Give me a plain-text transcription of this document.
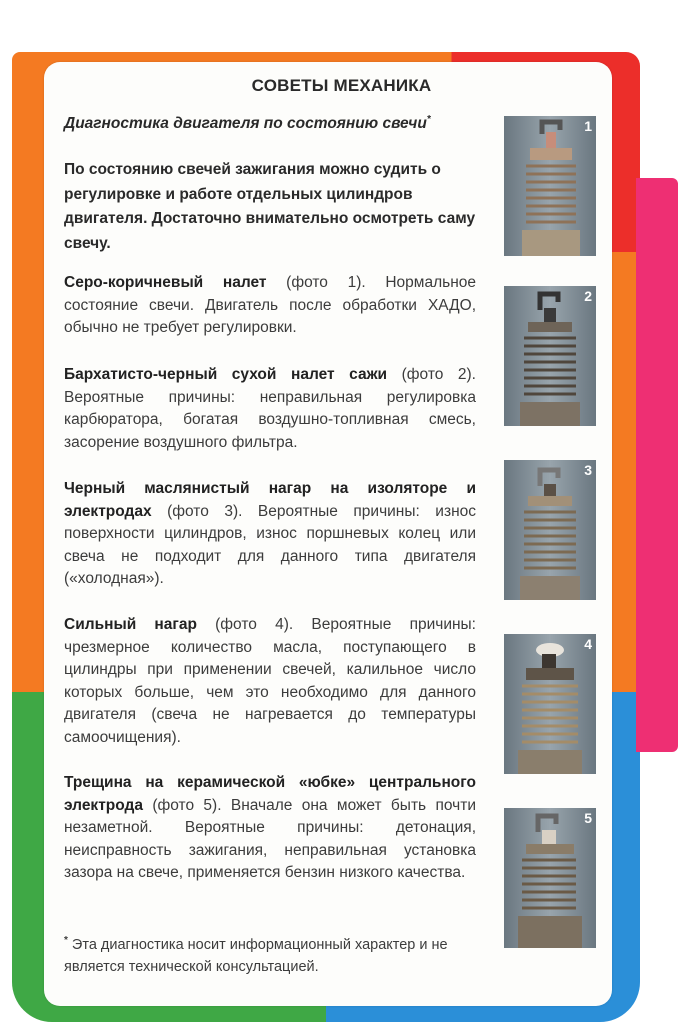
СОВЕТЫ МЕХАНИКА
Диагностика двигателя по состоянию свечи*
По состоянию свечей зажигания можно судить о регулировке и работе отдельных цилиндров двигателя. Достаточно внимательно осмотреть саму свечу.
Серо-коричневый налет (фото 1). Нормальное состояние свечи. Двигатель после обработки ХАДО, обычно не требует регулировки.
Бархатисто-черный сухой налет сажи (фото 2). Вероятные причины: неправильная регулировка карбюратора, богатая воздушно-топливная смесь, засорение воздушного фильтра.
Черный маслянистый нагар на изоляторе и электродах (фото 3). Вероятные причины: износ поверхности цилиндров, износ поршневых колец или свеча не подходит для данного типа двигателя («холодная»).
Сильный нагар (фото 4). Вероятные причины: чрезмерное количество масла, поступающего в цилиндры при применении свечей, калильное число которых больше, чем это необходимо для данного двигателя (свеча не нагревается до температуры самоочищения).
Трещина на керамической «юбке» центрального электрода (фото 5). Вначале она может быть почти незаметной. Вероятные причины: детонация, неисправность зажигания, неправильная установка зазора на свече, применяется бензин низкого качества.
* Эта диагностика носит информационный характер и не является технической консультацией.
1
2
3
4
5
